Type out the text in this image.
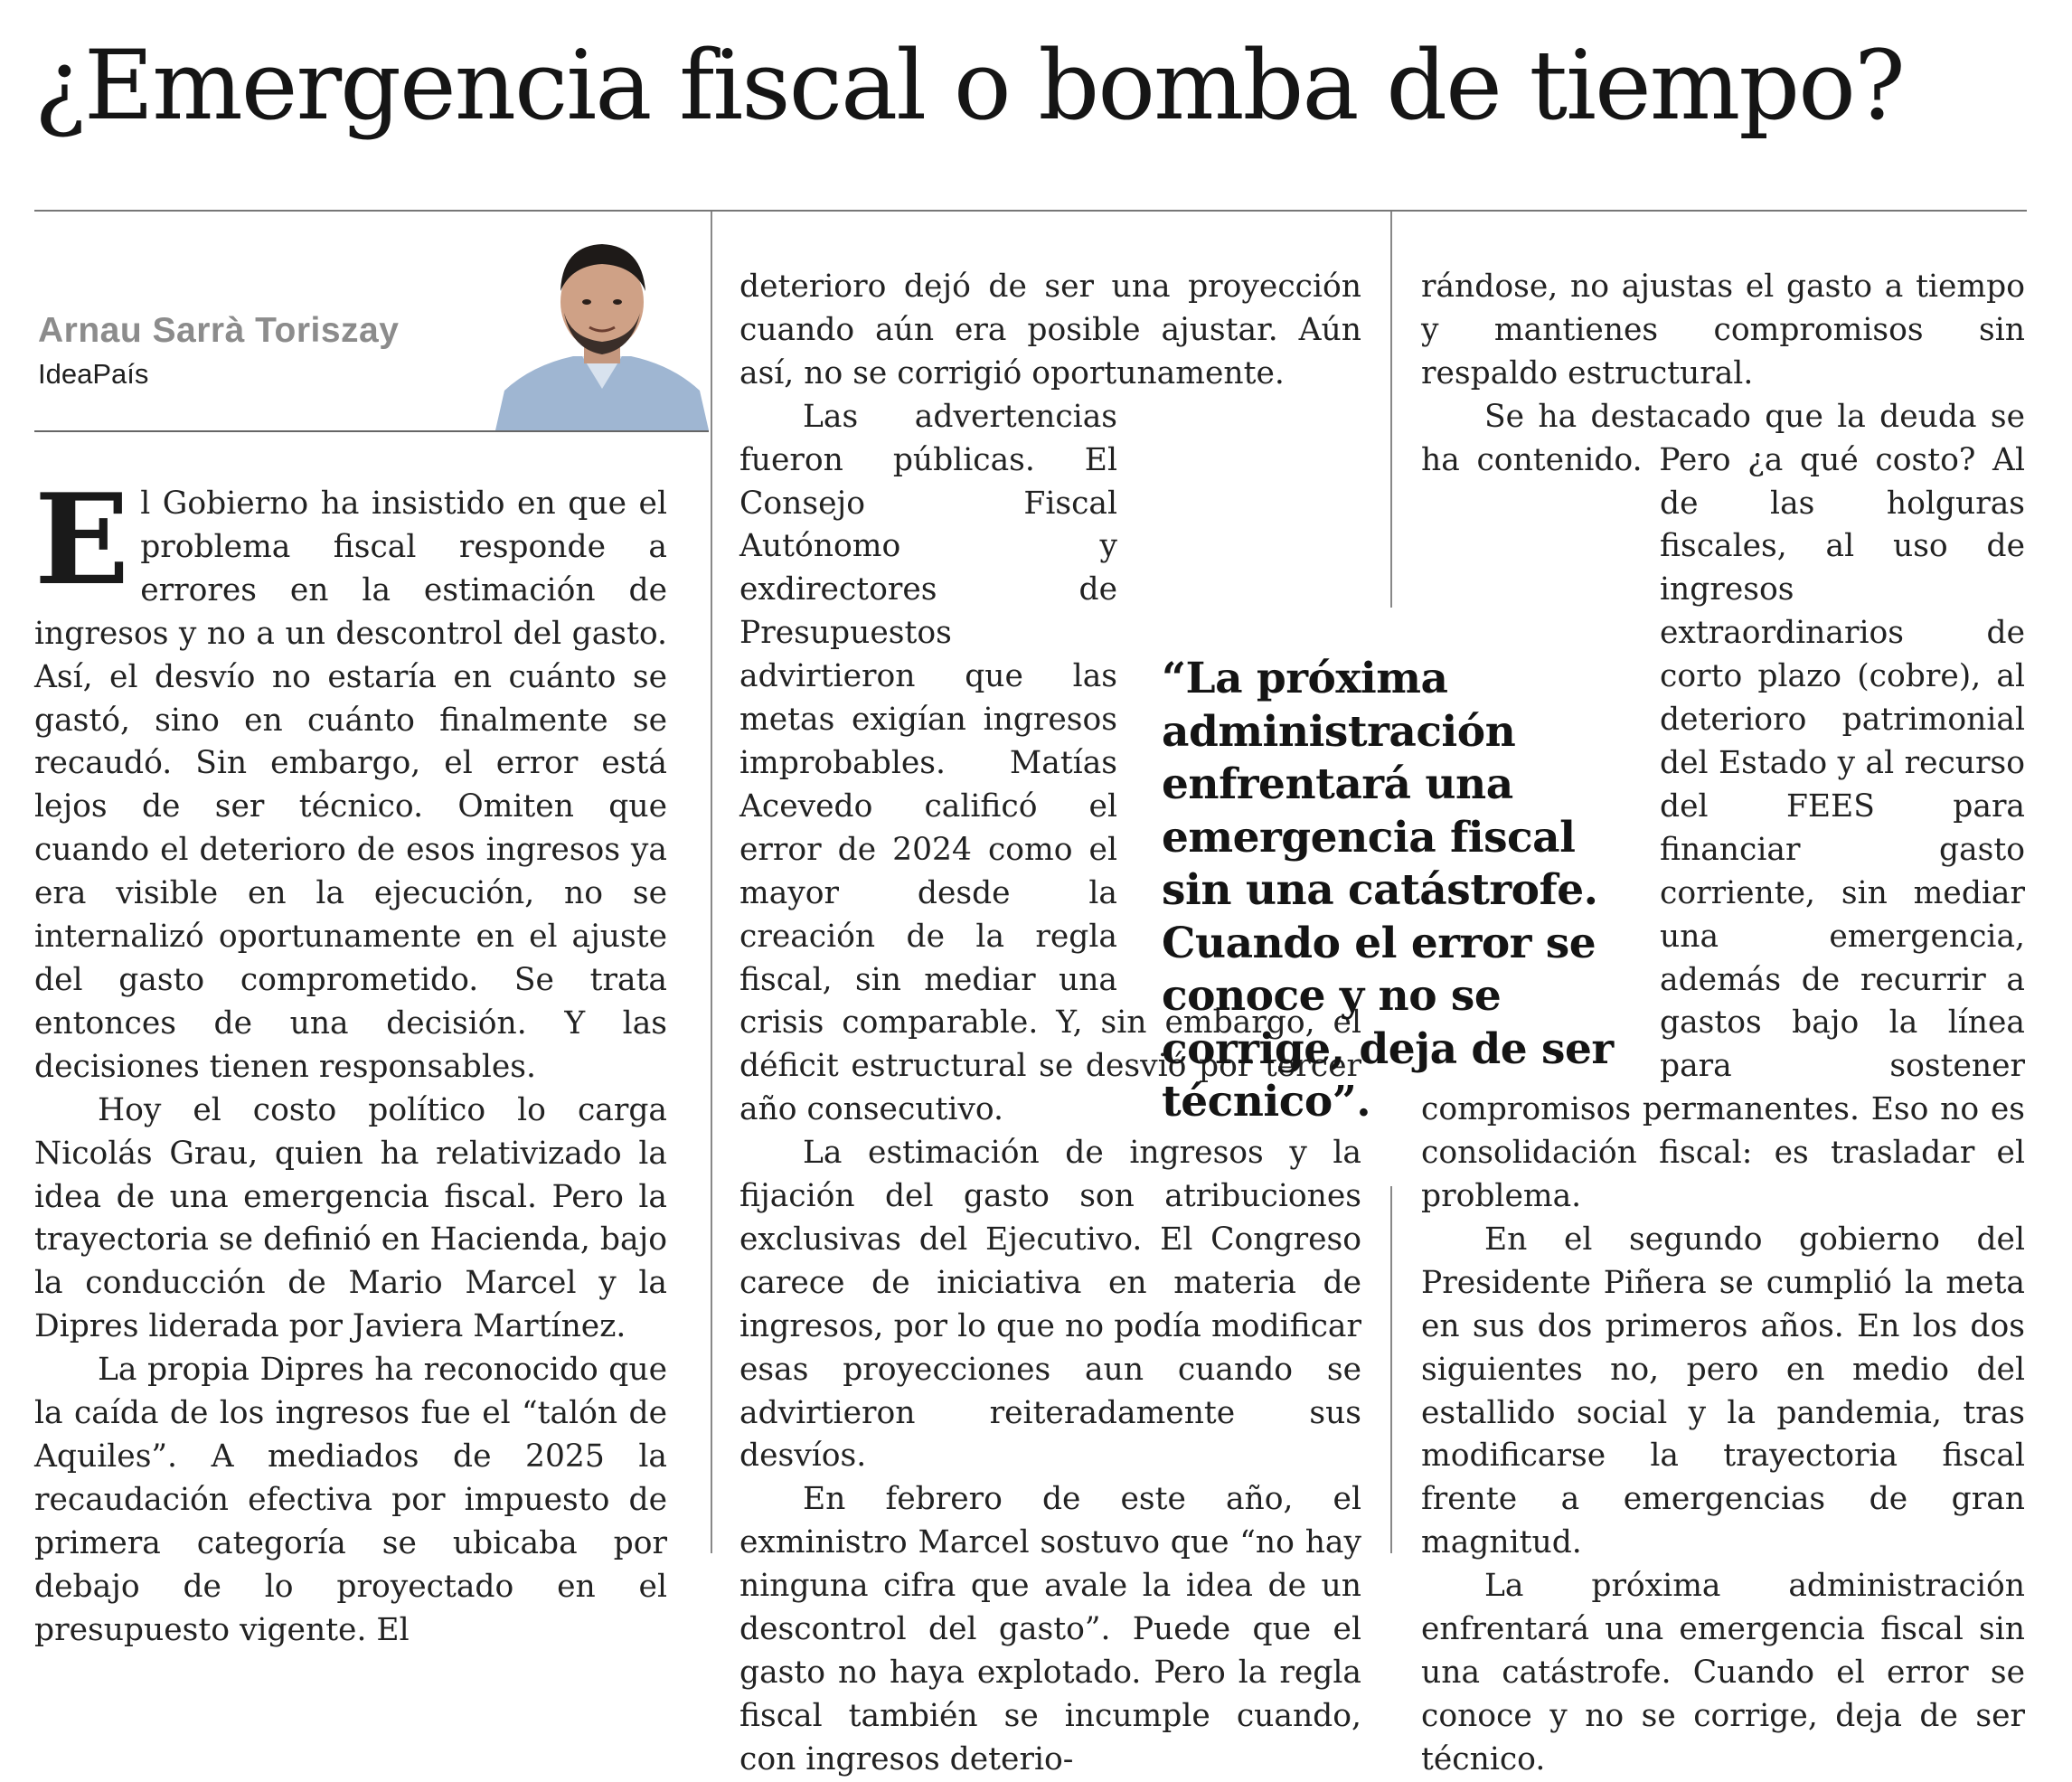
¿Emergencia fiscal o bomba de tiempo?
Arnau Sarrà Toriszay
IdeaPaís

El Gobierno ha insistido en que el problema fiscal responde a errores en la estimación de ingresos y no a un descontrol del gasto. Así, el desvío no estaría en cuánto se gastó, sino en cuánto finalmente se recaudó. Sin embargo, el error está lejos de ser técnico. Omiten que cuando el deterioro de esos ingresos ya era visible en la ejecución, no se internalizó oportunamente en el ajuste del gasto comprometido. Se trata entonces de una decisión. Y las decisiones tienen responsables.

Hoy el costo político lo carga Nicolás Grau, quien ha relativizado la idea de una emergencia fiscal. Pero la trayectoria se definió en Hacienda, bajo la conducción de Mario Marcel y la Dipres liderada por Javiera Martínez.

La propia Dipres ha reconocido que la caída de los ingresos fue el “talón de Aquiles”. A mediados de 2025 la recaudación efectiva por impuesto de primera categoría se ubicaba por debajo de lo proyectado en el presupuesto vigente. El

deterioro dejó de ser una proyección cuando aún era posible ajustar. Aún así, no se corrigió oportunamente.

Las advertencias fueron públicas. El Consejo Fiscal Autónomo y exdirectores de Presupuestos advirtieron que las metas exigían ingresos improbables. Matías Acevedo calificó el error de 2024 como el mayor desde la creación de la regla fiscal, sin mediar una crisis comparable. Y, sin embargo, el déficit estructural se desvió por tercer año consecutivo.

La estimación de ingresos y la fijación del gasto son atribuciones exclusivas del Ejecutivo. El Congreso carece de iniciativa en materia de ingresos, por lo que no podía modificar esas proyecciones aun cuando se advirtieron reiteradamente sus desvíos.

En febrero de este año, el exministro Marcel sostuvo que “no hay ninguna cifra que avale la idea de un descontrol del gasto”. Puede que el gasto no haya explotado. Pero la regla fiscal también se incumple cuando, con ingresos deterio-

rándose, no ajustas el gasto a tiempo y mantienes compromisos sin respaldo estructural.

Se ha destacado que la deuda se ha contenido. Pero ¿a qué costo? Al de las holguras fiscales, al uso de ingresos extraordinarios de corto plazo (cobre), al deterioro patrimonial del Estado y al recurso del FEES para financiar gasto corriente, sin mediar una emergencia, además de recurrir a gastos bajo la línea para sostener compromisos permanentes. Eso no es consolidación fiscal: es trasladar el problema.

En el segundo gobierno del Presidente Piñera se cumplió la meta en sus dos primeros años. En los dos siguientes no, pero en medio del estallido social y la pandemia, tras modificarse la trayectoria fiscal frente a emergencias de gran magnitud.

La próxima administración enfrentará una emergencia fiscal sin una catástrofe. Cuando el error se conoce y no se corrige, deja de ser técnico.

“La próxima administración enfrentará una emergencia fiscal sin una catástrofe. Cuando el error se conoce y no se corrige, deja de ser técnico”.
